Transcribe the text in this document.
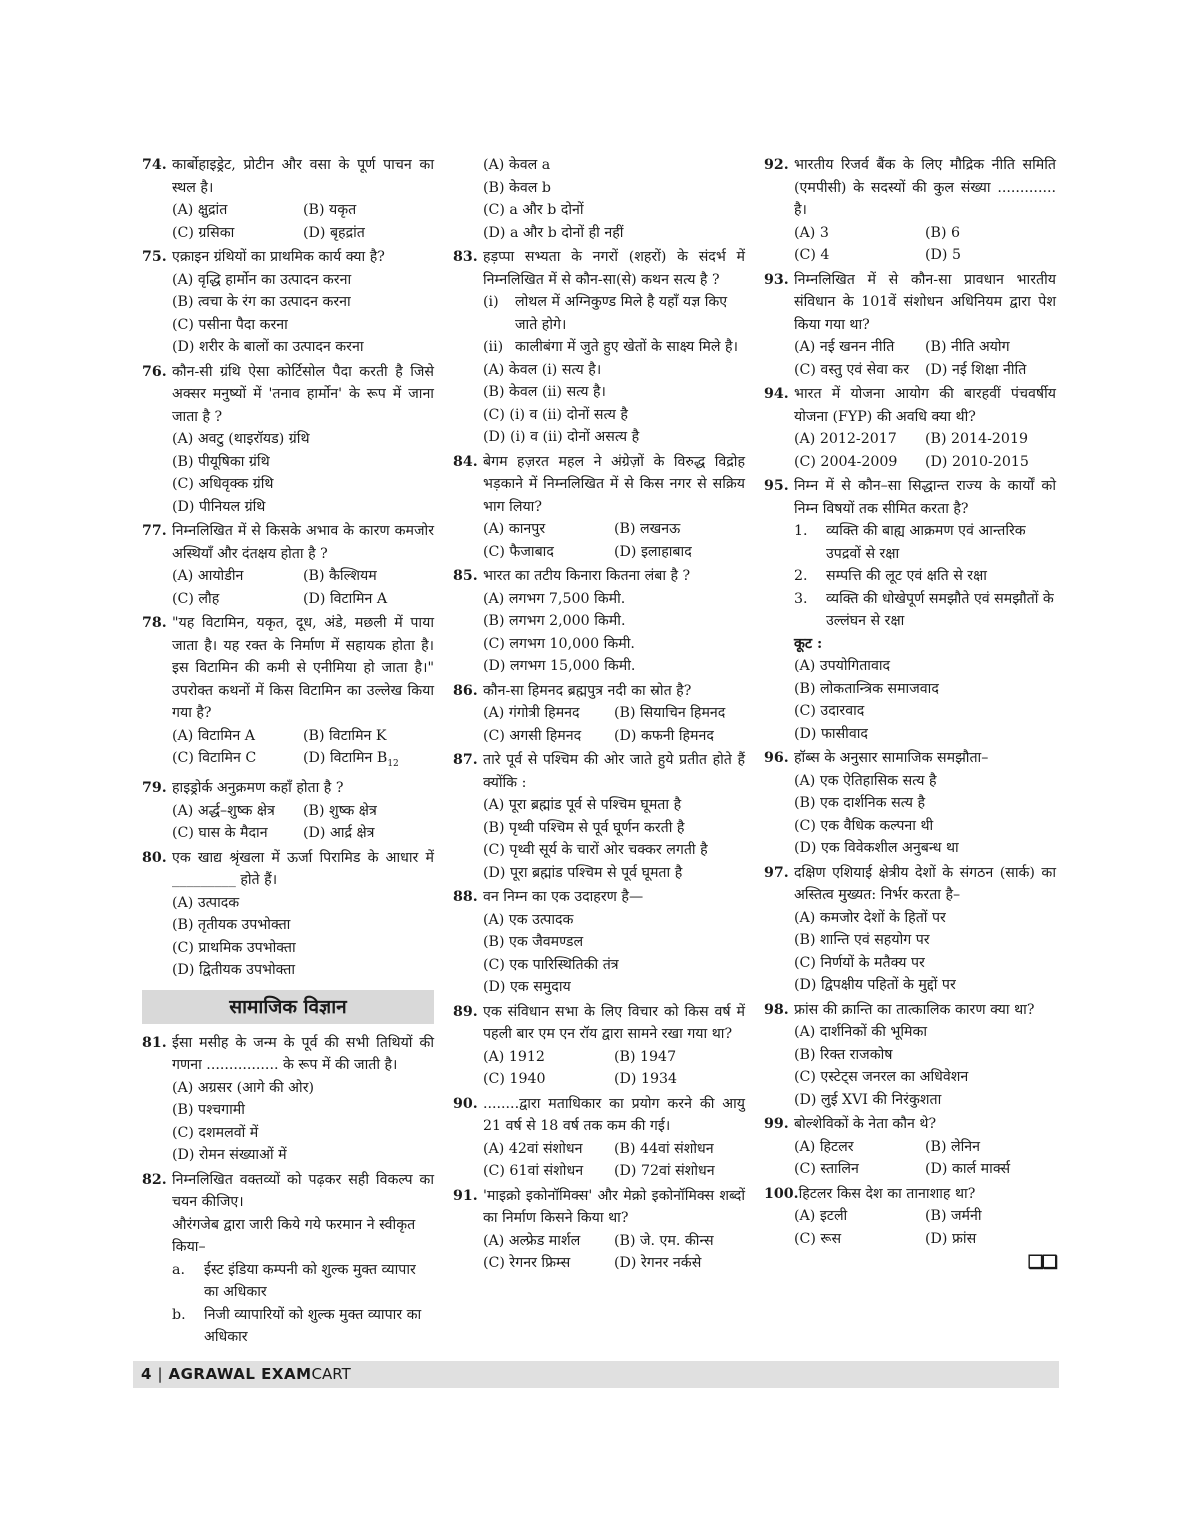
74. कार्बोहाइड्रेट, प्रोटीन और वसा के पूर्ण पाचन का स्थल है।
(A) क्षुद्रांत	(B) यकृत
(C) ग्रसिका	(D) बृहद्रांत
75. एक्राइन ग्रंथियों का प्राथमिक कार्य क्या है?
(A) वृद्धि हार्मोन का उत्पादन करना
(B) त्वचा के रंग का उत्पादन करना
(C) पसीना पैदा करना
(D) शरीर के बालों का उत्पादन करना
76. कौन-सी ग्रंथि ऐसा कोर्टिसोल पैदा करती है जिसे अक्सर मनुष्यों में 'तनाव हार्मोन' के रूप में जाना जाता है ?
(A) अवटु (थाइरॉयड) ग्रंथि
(B) पीयूषिका ग्रंथि
(C) अधिवृक्क ग्रंथि
(D) पीनियल ग्रंथि
77. निम्नलिखित में से किसके अभाव के कारण कमजोर अस्थियाँ और दंतक्षय होता है ?
(A) आयोडीन	(B) कैल्शियम
(C) लौह	(D) विटामिन A
78. "यह विटामिन, यकृत, दूध, अंडे, मछली में पाया जाता है। यह रक्त के निर्माण में सहायक होता है। इस विटामिन की कमी से एनीमिया हो जाता है।" उपरोक्त कथनों में किस विटामिन का उल्लेख किया गया है?
(A) विटामिन A	(B) विटामिन K
(C) विटामिन C	(D) विटामिन $B_{12}$
79. हाइड्रोर्क अनुक्रमण कहाँ होता है ?
(A) अर्द्ध–शुष्क क्षेत्र	(B) शुष्क क्षेत्र
(C) घास के मैदान	(D) आर्द्र क्षेत्र
80. एक खाद्य श्रृंखला में ऊर्जा पिरामिड के आधार में _________ होते हैं।
(A) उत्पादक
(B) तृतीयक उपभोक्ता
(C) प्राथमिक उपभोक्ता
(D) द्वितीयक उपभोक्ता
सामाजिक विज्ञान
81. ईसा मसीह के जन्म के पूर्व की सभी तिथियों की गणना ................ के रूप में की जाती है।
(A) अग्रसर (आगे की ओर)
(B) पश्चगामी
(C) दशमलवों में
(D) रोमन संख्याओं में
82. निम्नलिखित वक्तव्यों को पढ़कर सही विकल्प का चयन कीजिए।
औरंगजेब द्वारा जारी किये गये फरमान ने स्वीकृत किया–
a.	ईस्ट इंडिया कम्पनी को शुल्क मुक्त व्यापार का अधिकार
b.	निजी व्यापारियों को शुल्क मुक्त व्यापार का अधिकार
(A) केवल a
(B) केवल b
(C) a और b दोनों
(D) a और b दोनों ही नहीं
83. हड़प्पा सभ्यता के नगरों (शहरों) के संदर्भ में निम्नलिखित में से कौन-सा(से) कथन सत्य है ?
(i)	लोथल में अग्निकुण्ड मिले है यहाँ यज्ञ किए जाते होगे।
(ii) कालीबंगा में जुते हुए खेतों के साक्ष्य मिले है।
(A) केवल (i) सत्य है।
(B) केवल (ii) सत्य है।
(C) (i) व (ii) दोनों सत्य है
(D) (i) व (ii) दोनों असत्य है
84. बेगम हज़रत महल ने अंग्रेज़ों के विरुद्ध विद्रोह भड़काने में निम्नलिखित में से किस नगर से सक्रिय भाग लिया?
(A) कानपुर	(B) लखनऊ
(C) फैजाबाद	(D) इलाहाबाद
85. भारत का तटीय किनारा कितना लंबा है ?
(A) लगभग 7,500 किमी.
(B) लगभग 2,000 किमी.
(C) लगभग 10,000 किमी.
(D) लगभग 15,000 किमी.
86. कौन-सा हिमनद ब्रह्मपुत्र नदी का स्रोत है?
(A) गंगोत्री हिमनद	(B) सियाचिन हिमनद
(C) अगसी हिमनद	(D) कफनी हिमनद
87. तारे पूर्व से पश्चिम की ओर जाते हुये प्रतीत होते हैं क्योंकि :
(A) पूरा ब्रह्मांड पूर्व से पश्चिम घूमता है
(B) पृथ्वी पश्चिम से पूर्व घूर्णन करती है
(C) पृथ्वी सूर्य के चारों ओर चक्कर लगती है
(D) पूरा ब्रह्मांड पश्चिम से पूर्व घूमता है
88. वन निम्न का एक उदाहरण है—
(A) एक उत्पादक
(B) एक जैवमण्डल
(C) एक पारिस्थितिकी तंत्र
(D) एक समुदाय
89. एक संविधान सभा के लिए विचार को किस वर्ष में पहली बार एम एन रॉय द्वारा सामने रखा गया था?
(A) 1912	(B) 1947
(C) 1940	(D) 1934
90. ........द्वारा मताधिकार का प्रयोग करने की आयु 21 वर्ष से 18 वर्ष तक कम की गई।
(A) 42वां संशोधन	(B) 44वां संशोधन
(C) 61वां संशोधन	(D) 72वां संशोधन
91. 'माइक्रो इकोनॉमिक्स' और मेक्रो इकोनॉमिक्स शब्दों का निर्माण किसने किया था?
(A) अल्फ्रेड मार्शल	(B) जे. एम. कीन्स
(C) रेगनर फ्रिम्स	(D) रेगनर नर्कसे
92. भारतीय रिजर्व बैंक के लिए मौद्रिक नीति समिति (एमपीसी) के सदस्यों की कुल संख्या ............. है।
(A) 3	(B) 6
(C) 4	(D) 5
93. निम्नलिखित में से कौन-सा प्रावधान भारतीय संविधान के 101वें संशोधन अधिनियम द्वारा पेश किया गया था?
(A) नई खनन नीति	(B) नीति अयोग
(C) वस्तु एवं सेवा कर	(D) नई शिक्षा नीति
94. भारत में योजना आयोग की बारहवीं पंचवर्षीय योजना (FYP) की अवधि क्या थी?
(A) 2012-2017	(B) 2014-2019
(C) 2004-2009	(D) 2010-2015
95. निम्न में से कौन–सा सिद्धान्त राज्य के कार्यों को निम्न विषयों तक सीमित करता है?
1.	व्यक्ति की बाह्य आक्रमण एवं आन्तरिक उपद्रवों से रक्षा
2.	सम्पत्ति की लूट एवं क्षति से रक्षा
3.	व्यक्ति की धोखेपूर्ण समझौते एवं समझौतों के उल्लंघन से रक्षा
कूट :
(A) उपयोगितावाद
(B) लोकतान्त्रिक समाजवाद
(C) उदारवाद
(D) फासीवाद
96. हॉब्स के अनुसार सामाजिक समझौता–
(A) एक ऐतिहासिक सत्य है
(B) एक दार्शनिक सत्य है
(C) एक वैधिक कल्पना थी
(D) एक विवेकशील अनुबन्ध था
97. दक्षिण एशियाई क्षेत्रीय देशों के संगठन (सार्क) का अस्तित्व मुख्यत: निर्भर करता है–
(A) कमजोर देशों के हितों पर
(B) शान्ति एवं सहयोग पर
(C) निर्णयों के मतैक्य पर
(D) द्विपक्षीय पहितों के मुद्दों पर
98. फ्रांस की क्रान्ति का तात्कालिक कारण क्या था?
(A) दार्शनिकों की भूमिका
(B) रिक्त राजकोष
(C) एस्टेट्स जनरल का अधिवेशन
(D) लुई XVI की निरंकुशता
99. बोल्शेविकों के नेता कौन थे?
(A) हिटलर	(B) लेनिन
(C) स्तालिन	(D) कार्ल मार्क्स
100. हिटलर किस देश का तानाशाह था?
(A) इटली	(B) जर्मनी
(C) रूस	(D) फ्रांस
❑❑
4 | AGRAWAL EXAMCART
